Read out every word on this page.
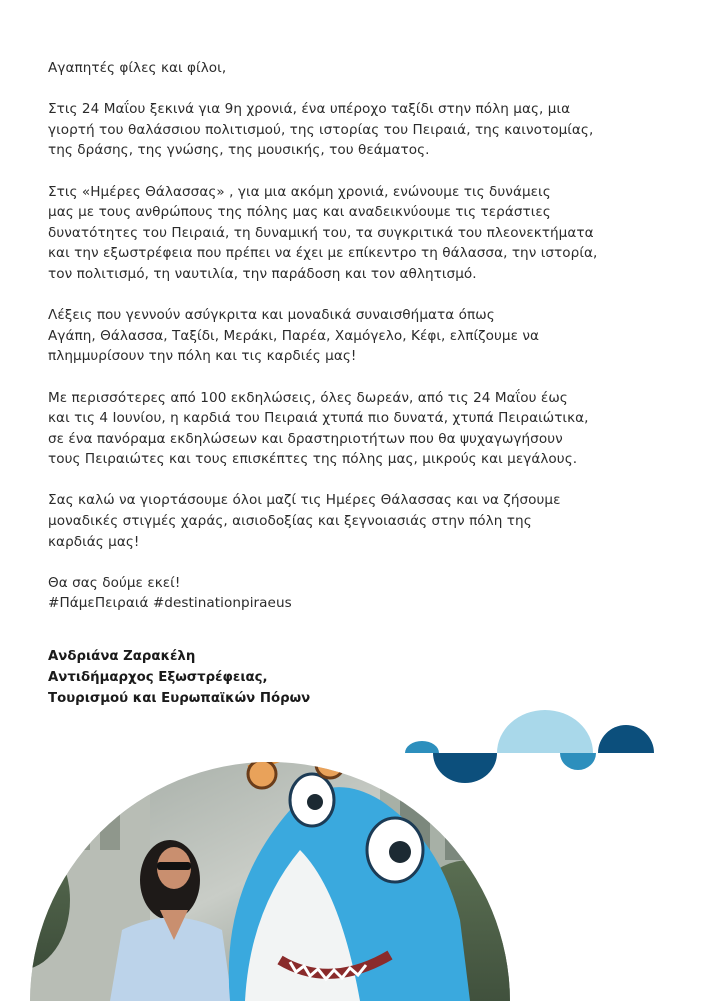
Αγαπητές φίλες και φίλοι,

Στις 24 Μαΐου ξεκινά για 9η χρονιά, ένα υπέροχο ταξίδι στην πόλη μας, μια
γιορτή του θαλάσσιου πολιτισμού, της ιστορίας του Πειραιά, της καινοτομίας,
της δράσης, της γνώσης, της μουσικής, του θεάματος.

Στις «Ημέρες Θάλασσας» , για μια ακόμη χρονιά, ενώνουμε τις δυνάμεις
μας με τους ανθρώπους της πόλης μας και αναδεικνύουμε τις τεράστιες
δυνατότητες του Πειραιά, τη δυναμική του, τα συγκριτικά του πλεονεκτήματα
και την εξωστρέφεια που πρέπει να έχει με επίκεντρο τη θάλασσα, την ιστορία,
τον πολιτισμό, τη ναυτιλία, την παράδοση και τον αθλητισμό.

Λέξεις που γεννούν ασύγκριτα και μοναδικά συναισθήματα όπως
Αγάπη, Θάλασσα, Ταξίδι, Μεράκι, Παρέα, Χαμόγελο, Κέφι, ελπίζουμε να
πλημμυρίσουν την πόλη και τις καρδιές μας!

Με περισσότερες από 100 εκδηλώσεις, όλες δωρεάν, από τις 24 Μαΐου έως
και τις 4 Ιουνίου, η καρδιά του Πειραιά χτυπά πιο δυνατά, χτυπά Πειραιώτικα,
σε ένα πανόραμα εκδηλώσεων και δραστηριοτήτων που θα ψυχαγωγήσουν
τους Πειραιώτες και τους επισκέπτες της πόλης μας, μικρούς και μεγάλους.

Σας καλώ να γιορτάσουμε όλοι μαζί τις Ημέρες Θάλασσας και να ζήσουμε
μοναδικές στιγμές χαράς, αισιοδοξίας και ξεγνοιασιάς στην πόλη της
καρδιάς μας!

Θα σας δούμε εκεί!
#ΠάμεΠειραιά #destinationpiraeus

Ανδριάνα Ζαρακέλη
Αντιδήμαρχος Εξωστρέφειας,
Τουρισμού και Ευρωπαϊκών Πόρων
